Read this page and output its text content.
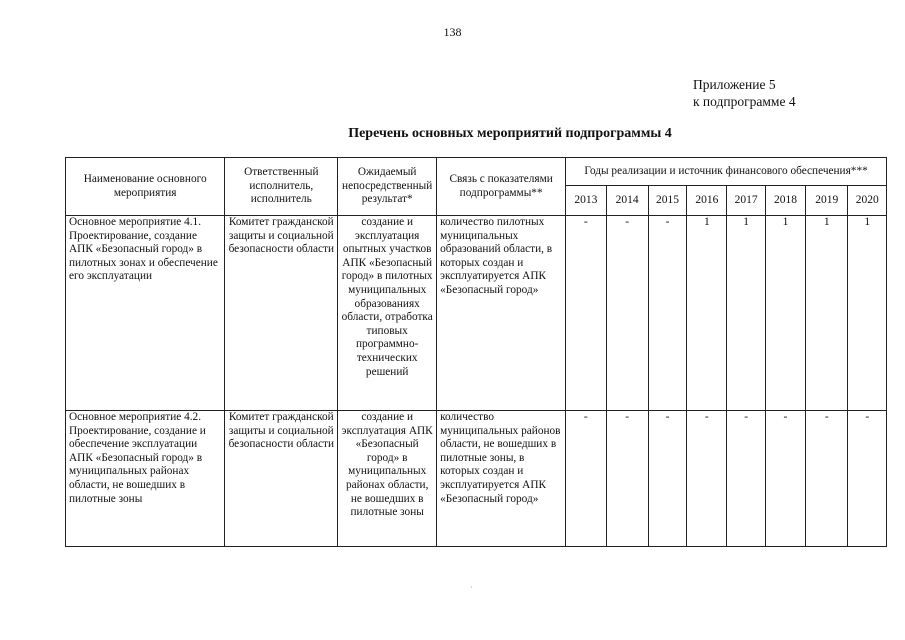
138
Приложение 5
к подпрограмме 4
Перечень основных мероприятий подпрограммы 4
Наименование основного мероприятия	Ответственный исполнитель, исполнитель	Ожидаемый непосредственный результат*	Связь с показателями подпрограммы**	Годы реализации и источник финансового обеспечения***							
				2013	2014	2015	2016	2017	2018	2019	2020
Основное мероприятие 4.1. Проектирование, создание АПК «Безопасный город» в пилотных зонах и обеспечение его эксплуатации	Комитет гражданской защиты и социальной безопасности области	создание и эксплуатация опытных участков АПК «Безопасный город» в пилотных муниципальных образованиях области, отработка типовых программно-технических решений	количество пилотных муниципальных образований области, в которых создан и эксплуатируется АПК «Безопасный город»	-	-	-	1	1	1	1	1
Основное мероприятие 4.2. Проектирование, создание и обеспечение эксплуатации АПК «Безопасный город» в муниципальных районах области, не вошедших в пилотные зоны	Комитет гражданской защиты и социальной безопасности области	создание и эксплуатация АПК «Безопасный город» в муниципальных районах области, не вошедших в пилотные зоны	количество муниципальных районов области, не вошедших в пилотные зоны, в которых создан и эксплуатируется АПК «Безопасный город»	-	-	-	-	-	-	-	-
·
